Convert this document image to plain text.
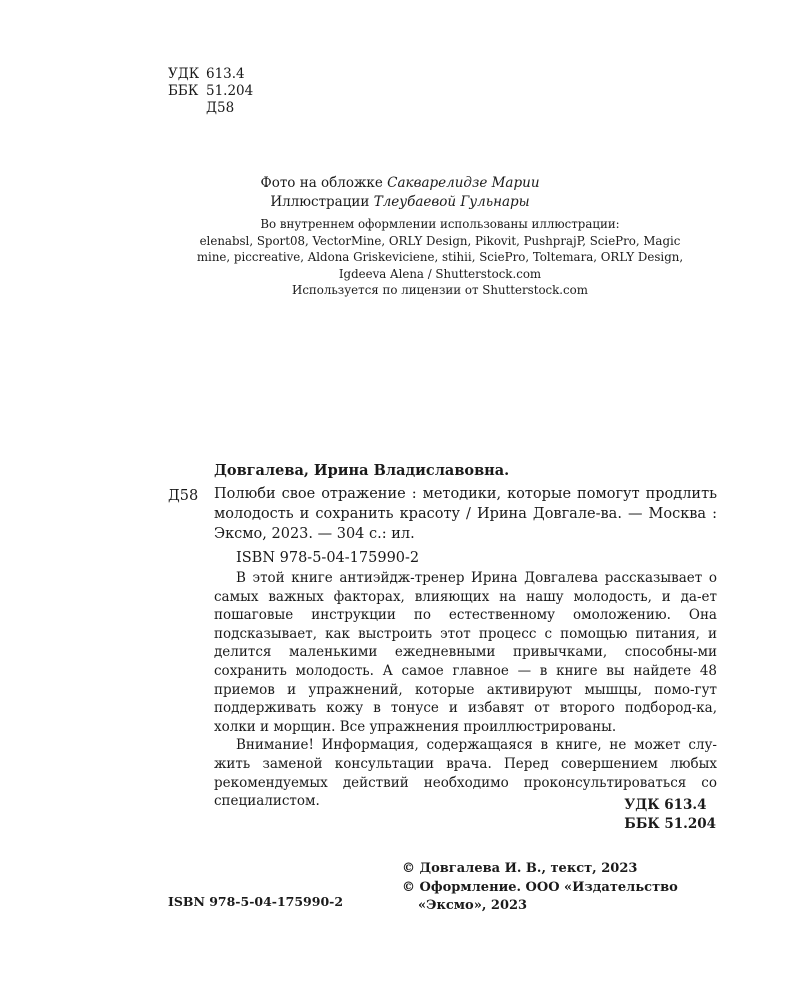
УДК 613.4
ББК 51.204
Д58
Фото на обложке Сакварелидзе Марии
Иллюстрации Тлеубаевой Гульнары
Во внутреннем оформлении использованы иллюстрации:
elenabsl, Sport08, VectorMine, ORLY Design, Pikovit, PushprajP, SciePro, Magic
mine, piccreative, Aldona Griskeviciene, stihii, SciePro, Toltemara, ORLY Design,
Igdeeva Alena / Shutterstock.com
Используется по лицензии от Shutterstock.com
Довгалева, Ирина Владиславовна.
Д58 Полюби свое отражение : методики, которые помогут продлить молодость и сохранить красоту / Ирина Довгале-ва. — Москва : Эксмо, 2023. — 304 с.: ил.
ISBN 978-5-04-175990-2

В этой книге антиэйдж-тренер Ирина Довгалева рассказывает о самых важных факторах, влияющих на нашу молодость, и да-ет пошаговые инструкции по естественному омоложению. Она подсказывает, как выстроить этот процесс с помощью питания, и делится маленькими ежедневными привычками, способны-ми сохранить молодость. А самое главное — в книге вы найдете 48 приемов и упражнений, которые активируют мышцы, помо-гут поддерживать кожу в тонусе и избавят от второго подбород-ка, холки и морщин. Все упражнения проиллюстрированы.

Внимание! Информация, содержащаяся в книге, не может слу-жить заменой консультации врача. Перед совершением любых рекомендуемых действий необходимо проконсультироваться со специалистом.	УДК 613.4
ББК 51.204
© Довгалева И. В., текст, 2023
© Оформление. ООО «Издательство
«Эксмо», 2023
ISBN 978-5-04-175990-2
